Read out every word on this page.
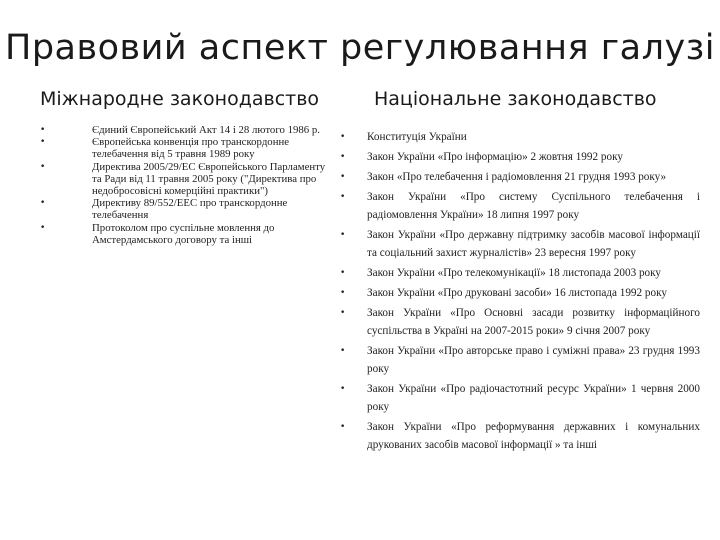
Правовий аспект регулювання галузі
Міжнародне законодавство	Національне законодавство
•	Єдиний Європейський Акт 14 і 28 лютого 1986 р.
•	Європейська конвенція про транскордонне телебачення від 5 травня 1989 року
•	Директива 2005/29/ЕС Європейського Парламенту та Ради від 11 травня 2005 року ("Директива про недобросовісні комерційні практики")
•	Директиву 89/552/ЕЕС про транскордонне телебачення
•	Протоколом про суспільне мовлення до Амстердамського договору та інші
• Конституція України
• Закон України «Про інформацію» 2 жовтня 1992 року
• Закон «Про телебачення і радіомовлення 21 грудня 1993 року»
• Закон України «Про систему Суспільного телебачення і радіомовлення України» 18 липня 1997 року
• Закон України «Про державну підтримку засобів масової інформації та соціальний захист журналістів» 23 вересня 1997 року
• Закон України «Про телекомунікації» 18 листопада 2003 року
• Закон України «Про друковані засоби» 16 листопада 1992 року
• Закон України «Про Основні засади розвитку інформаційного суспільства в Україні на 2007-2015 роки» 9 січня 2007 року
• Закон України «Про авторське право і суміжні права» 23 грудня 1993 року
• Закон України «Про радіочастотний ресурс України» 1 червня 2000 року
• Закон України «Про реформування державних і комунальних друкованих засобів масової інформації » та інші
